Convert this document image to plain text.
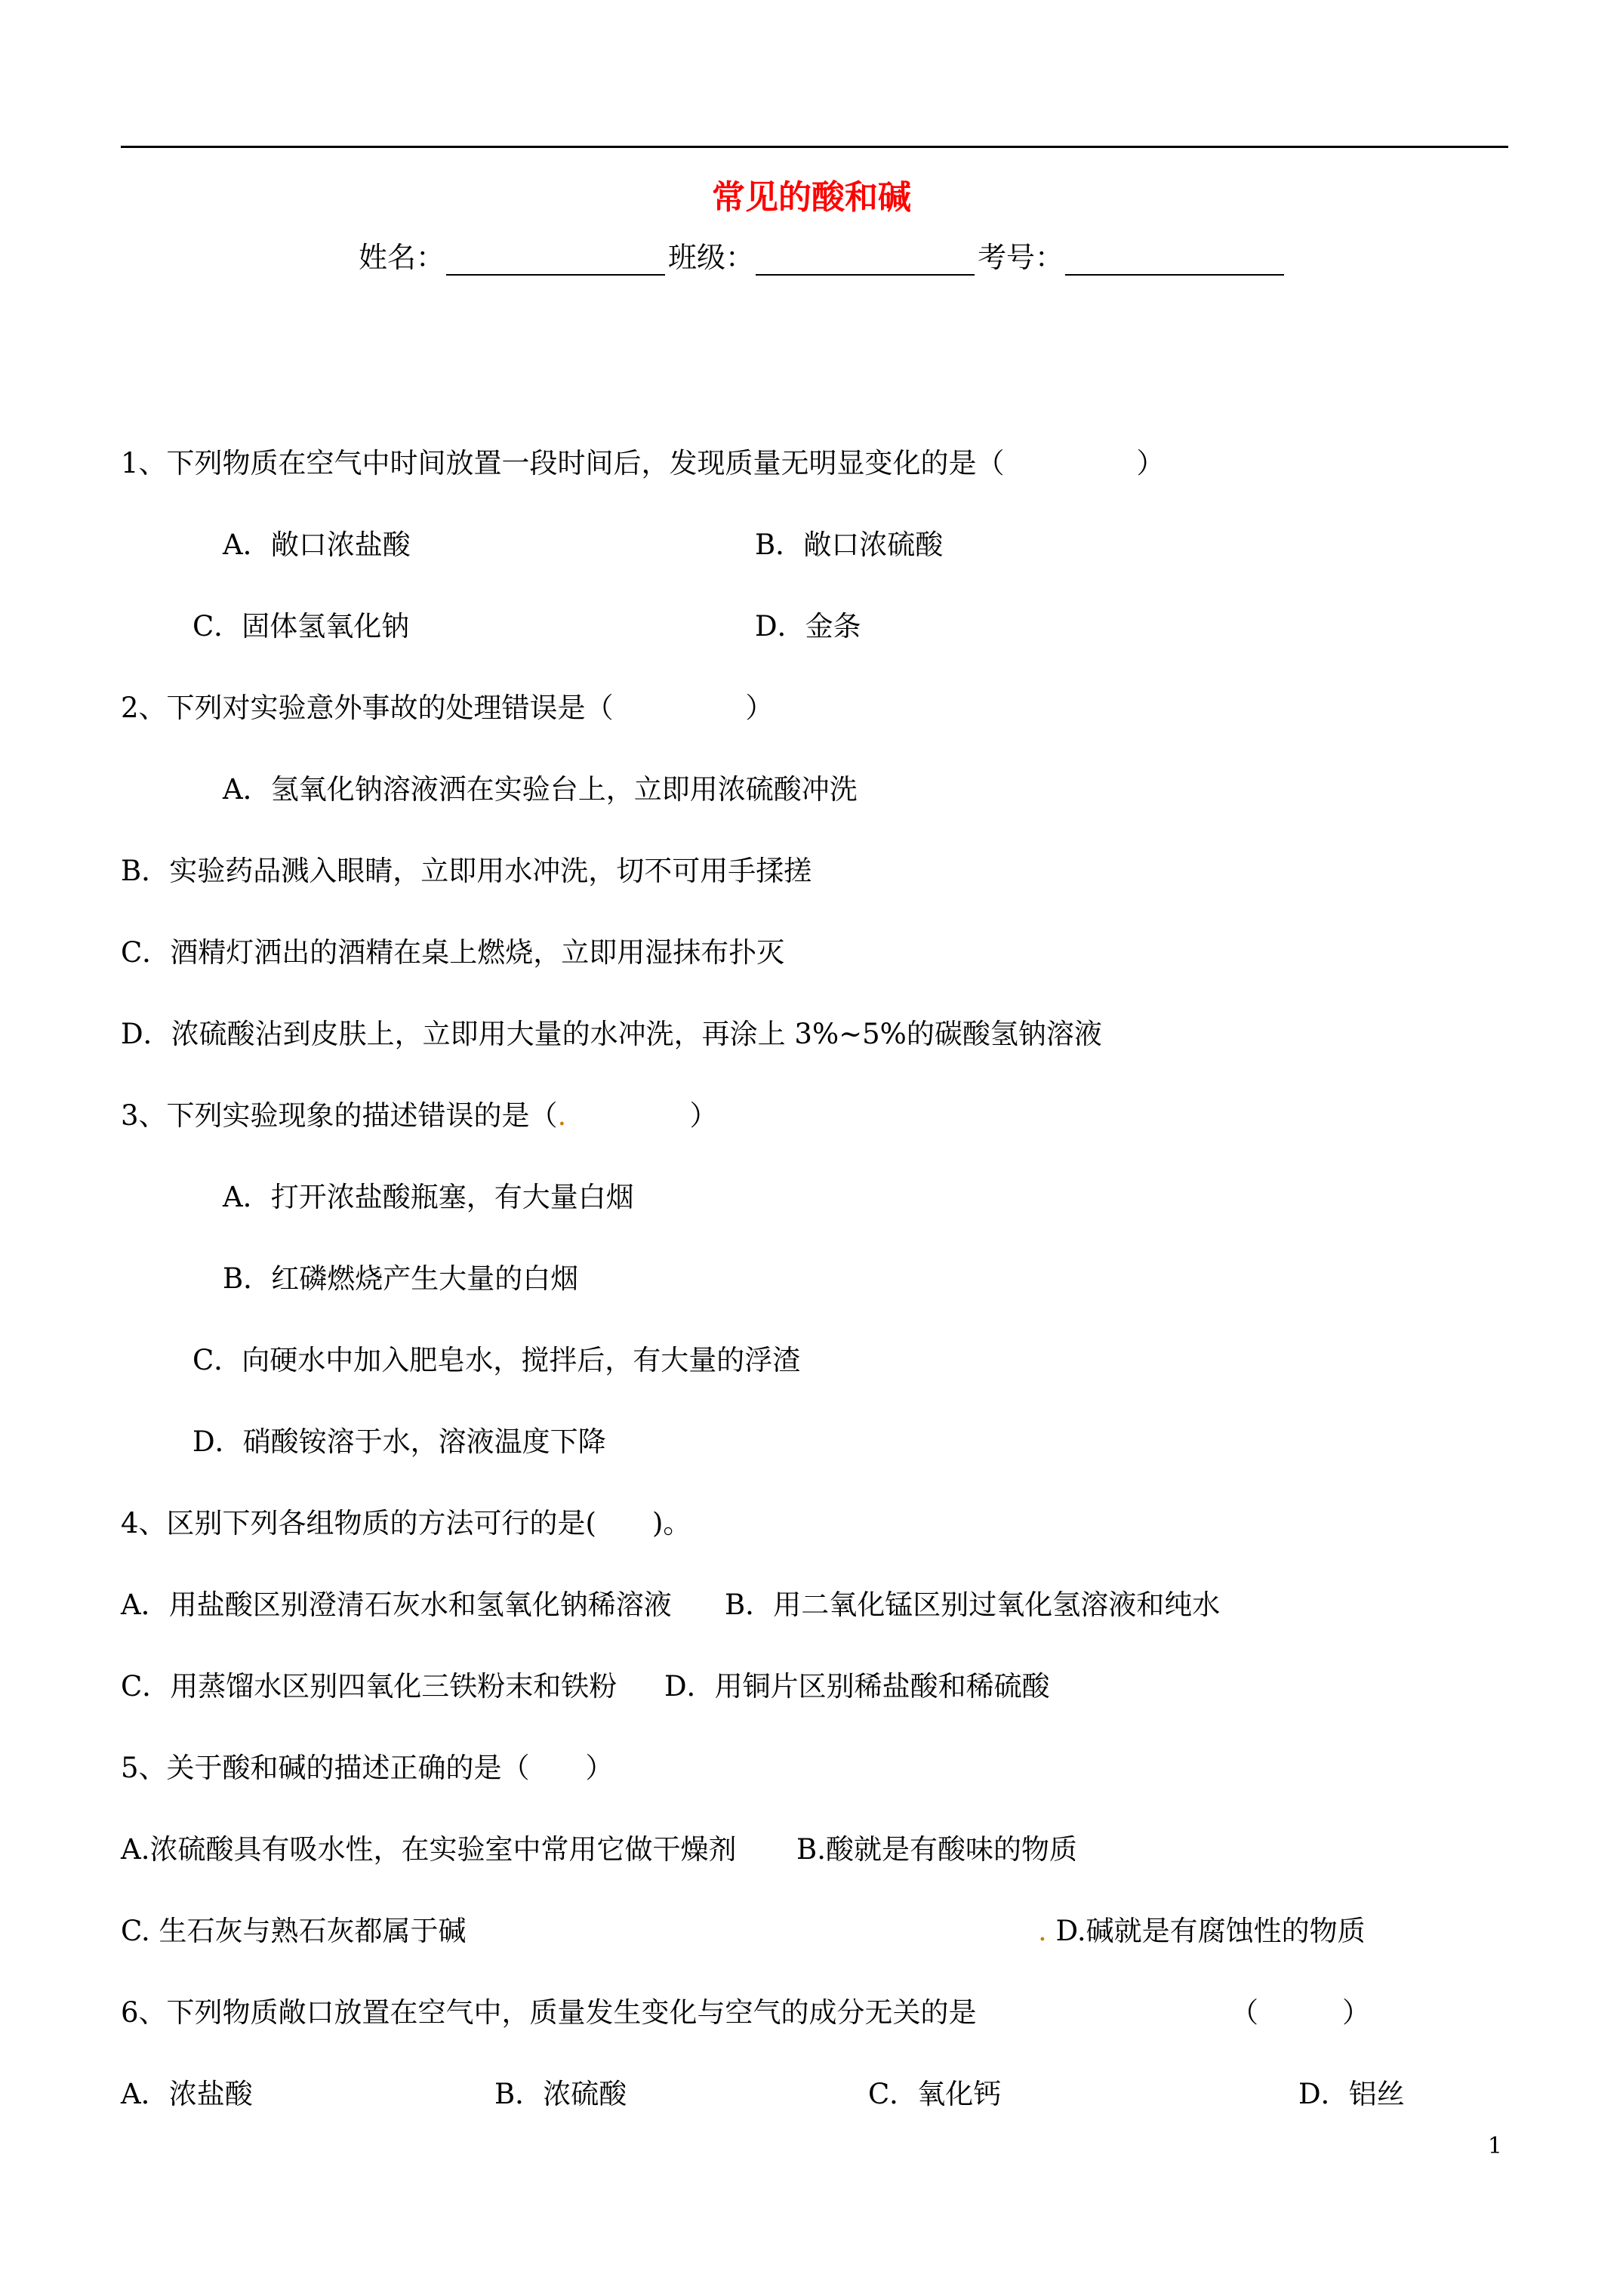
常见的酸和碱
姓名：	班级：	考号：
1、下列物质在空气中时间放置一段时间后，发现质量无明显变化的是（	）
A．敞口浓盐酸	B．敞口浓硫酸
C．固体氢氧化钠	D．金条
2、下列对实验意外事故的处理错误是（	）
A．氢氧化钠溶液洒在实验台上，立即用浓硫酸冲洗
B．实验药品溅入眼睛，立即用水冲洗，切不可用手揉搓
C．酒精灯洒出的酒精在桌上燃烧，立即用湿抹布扑灭
D．浓硫酸沾到皮肤上，立即用大量的水冲洗，再涂上 3%~5%的碳酸氢钠溶液
3、下列实验现象的描述错误的是（.	）
A．打开浓盐酸瓶塞，有大量白烟
B．红磷燃烧产生大量的白烟
C．向硬水中加入肥皂水，搅拌后，有大量的浮渣
D．硝酸铵溶于水，溶液温度下降
4、区别下列各组物质的方法可行的是(　　)。
A．用盐酸区别澄清石灰水和氢氧化钠稀溶液 B．用二氧化锰区别过氧化氢溶液和纯水
C．用蒸馏水区别四氧化三铁粉末和铁粉 D．用铜片区别稀盐酸和稀硫酸
5、关于酸和碱的描述正确的是（　　）
A.浓硫酸具有吸水性，在实验室中常用它做干燥剂 B.酸就是有酸味的物质
C. 生石灰与熟石灰都属于碱	. D.碱就是有腐蚀性的物质
6、下列物质敞口放置在空气中，质量发生变化与空气的成分无关的是	（　　　）
A．浓盐酸	B．浓硫酸	C．氧化钙	D．铝丝
1
